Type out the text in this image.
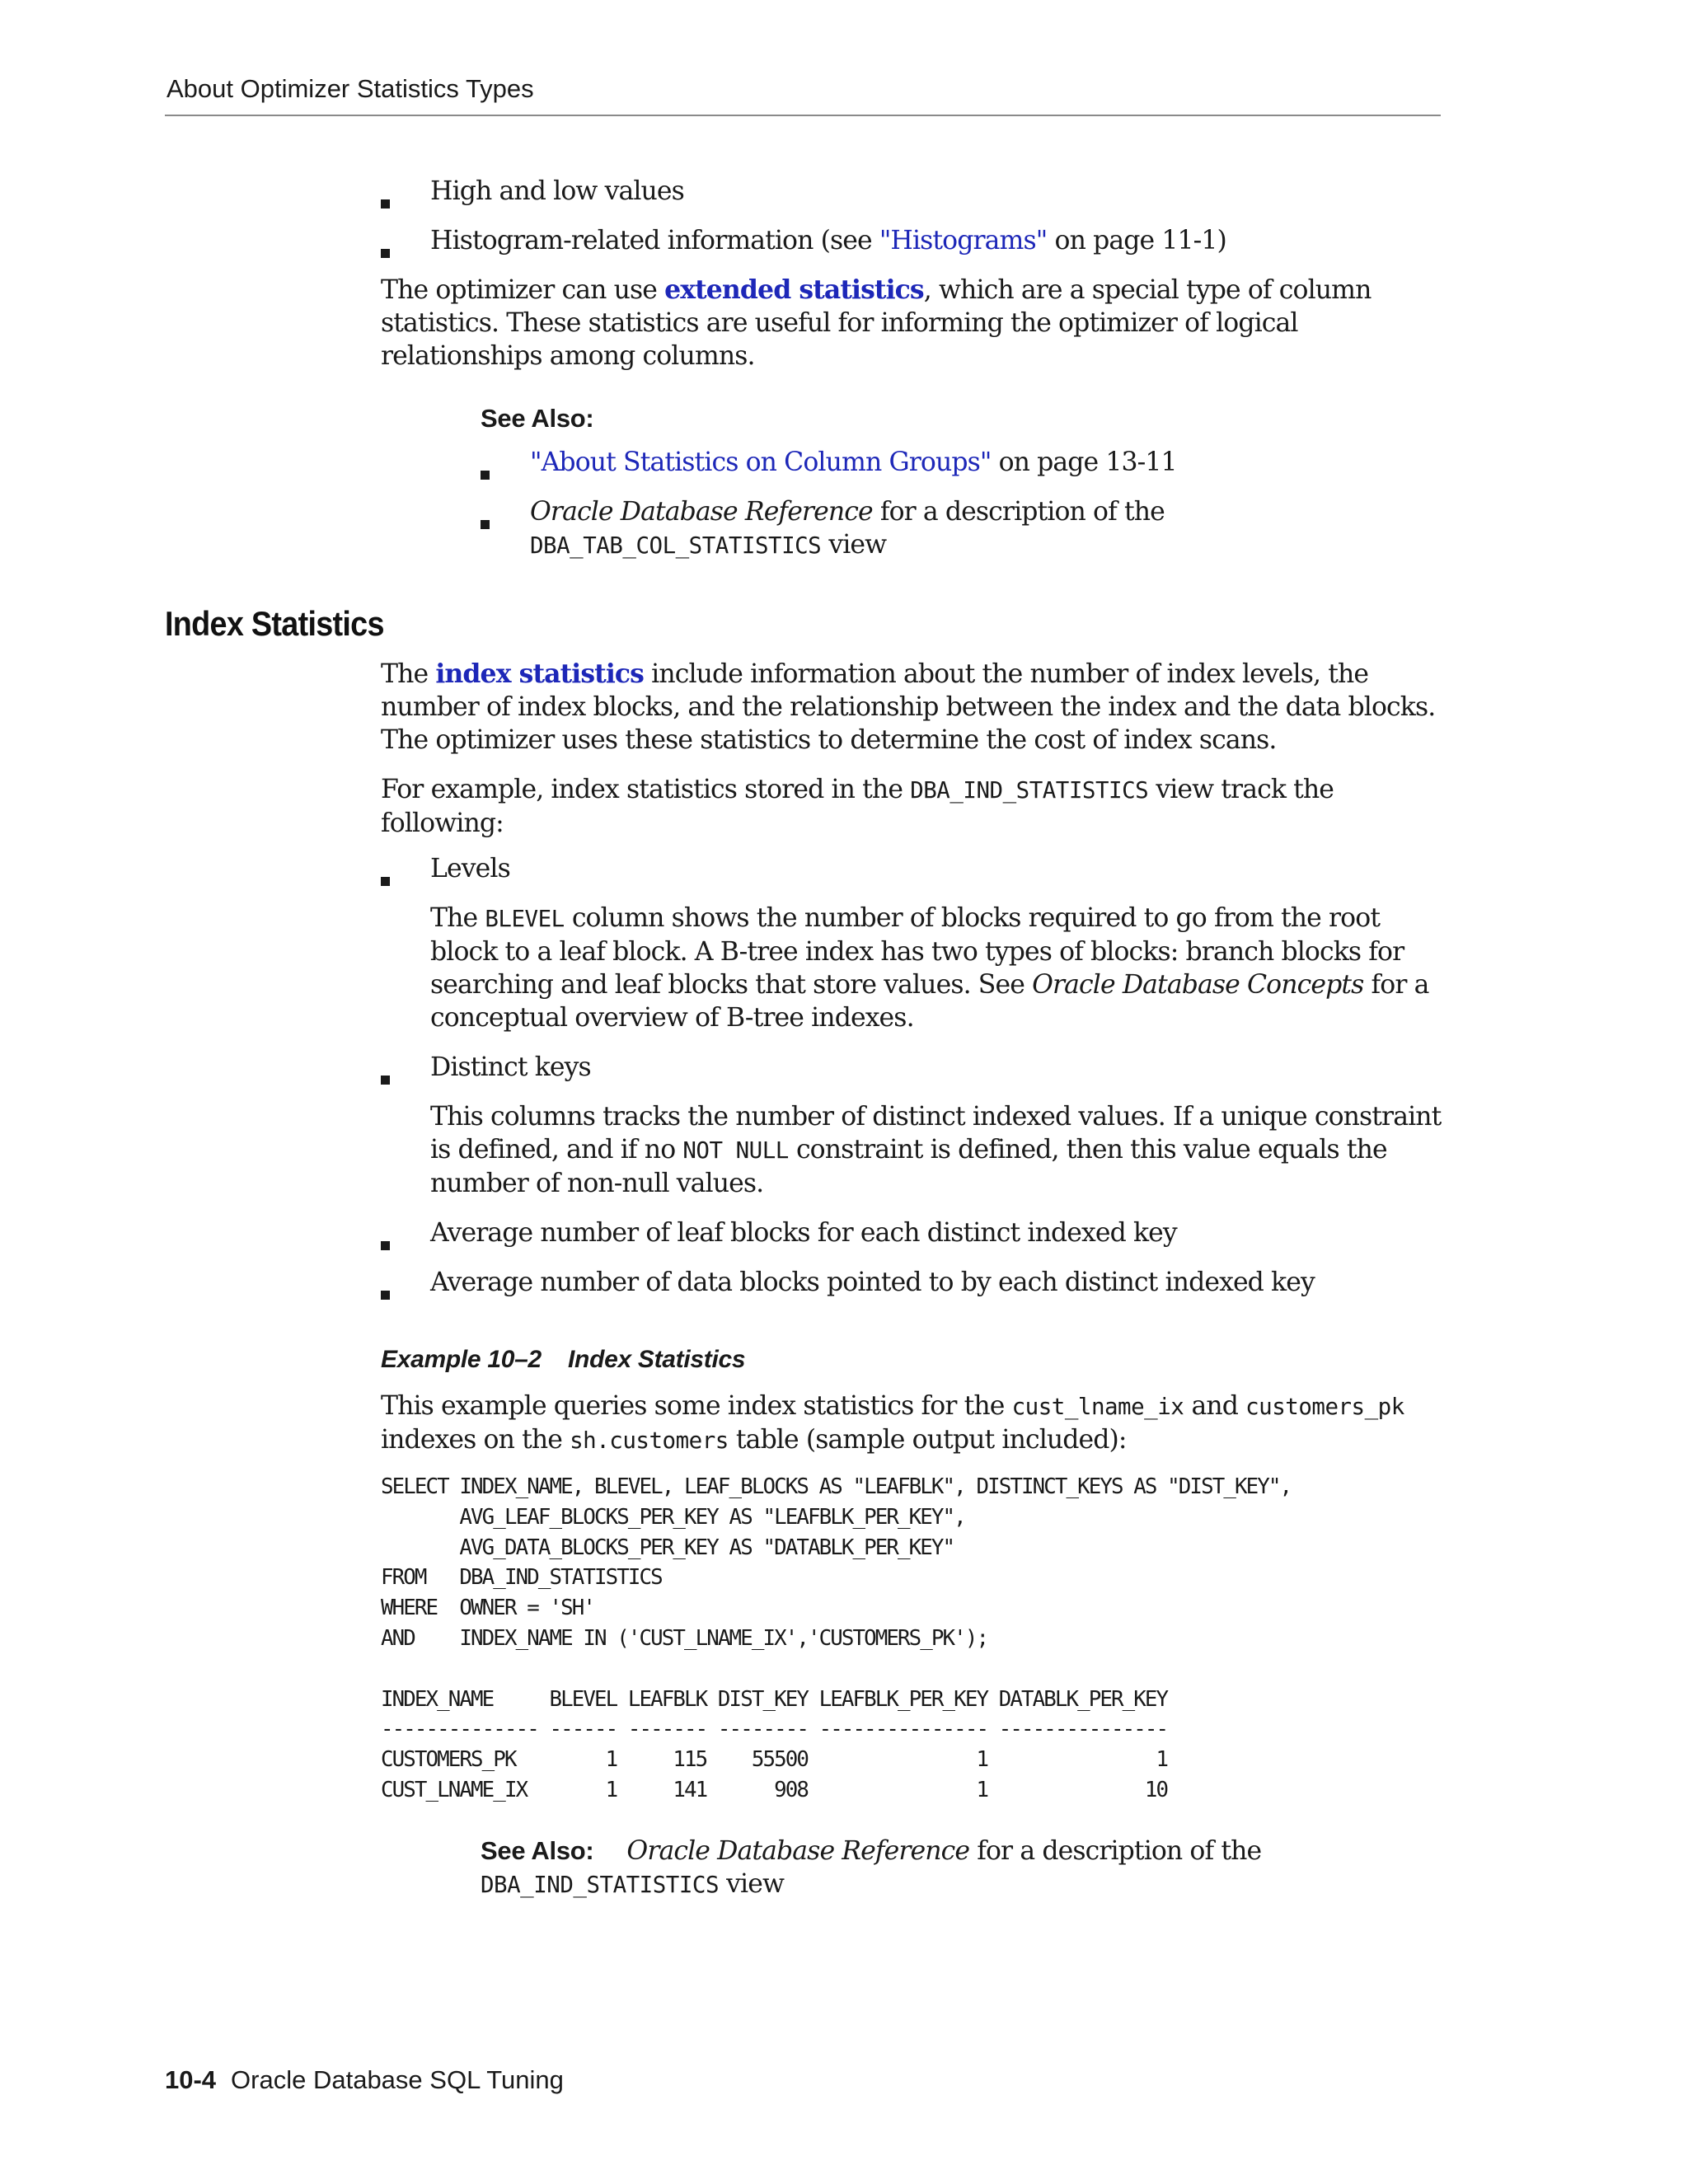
About Optimizer Statistics Types
High and low values
Histogram-related information (see "Histograms" on page 11-1)

The optimizer can use extended statistics, which are a special type of column statistics. These statistics are useful for informing the optimizer of logical relationships among columns.

See Also:
"About Statistics on Column Groups" on page 13-11
Oracle Database Reference for a description of the
DBA_TAB_COL_STATISTICS view
Index Statistics

The index statistics include information about the number of index levels, the number of index blocks, and the relationship between the index and the data blocks. The optimizer uses these statistics to determine the cost of index scans.

For example, index statistics stored in the DBA_IND_STATISTICS view track the following:

Levels

The BLEVEL column shows the number of blocks required to go from the root block to a leaf block. A B-tree index has two types of blocks: branch blocks for searching and leaf blocks that store values. See Oracle Database Concepts for a conceptual overview of B-tree indexes.

Distinct keys

This columns tracks the number of distinct indexed values. If a unique constraint is defined, and if no NOT NULL constraint is defined, then this value equals the number of non-null values.

Average number of leaf blocks for each distinct indexed key
Average number of data blocks pointed to by each distinct indexed key
Example 10–2    Index Statistics

This example queries some index statistics for the cust_lname_ix and customers_pk
indexes on the sh.customers table (sample output included):

SELECT INDEX_NAME, BLEVEL, LEAF_BLOCKS AS "LEAFBLK", DISTINCT_KEYS AS "DIST_KEY",
AVG_LEAF_BLOCKS_PER_KEY AS "LEAFBLK_PER_KEY",
AVG_DATA_BLOCKS_PER_KEY AS "DATABLK_PER_KEY"
FROM   DBA_IND_STATISTICS
WHERE  OWNER = 'SH'
AND    INDEX_NAME IN ('CUST_LNAME_IX','CUSTOMERS_PK');

INDEX_NAME     BLEVEL LEAFBLK DIST_KEY LEAFBLK_PER_KEY DATABLK_PER_KEY
-------------- ------ ------- -------- --------------- ---------------
CUSTOMERS_PK        1     115    55500               1               1
CUST_LNAME_IX       1     141      908               1              10

See Also: Oracle Database Reference for a description of the
DBA_IND_STATISTICS view

10-4 Oracle Database SQL Tuning
